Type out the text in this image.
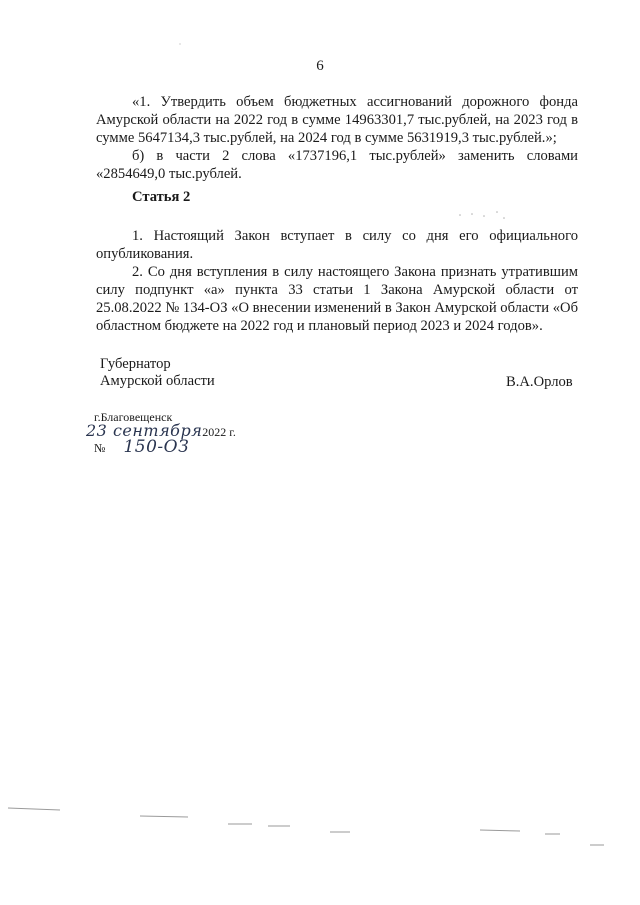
6

«1. Утвердить объем бюджетных ассигнований дорожного фонда Амурской области на 2022 год в сумме 14963301,7 тыс.рублей, на 2023 год в сумме 5647134,3 тыс.рублей, на 2024 год в сумме 5631919,3 тыс.рублей.»;

б) в части 2 слова «1737196,1 тыс.рублей» заменить словами «2854649,0 тыс.рублей.

Статья 2

1. Настоящий Закон вступает в силу со дня его официального опубликования.

2. Со дня вступления в силу настоящего Закона признать утратившим силу подпункт «а» пункта 33 статьи 1 Закона Амурской области от 25.08.2022 № 134-ОЗ «О внесении изменений в Закон Амурской области «Об областном бюджете на 2022 год и плановый период 2023 и 2024 годов».

Губернатор
Амурской области	В.А.Орлов
г.Благовещенск
23 сентября 2022 г.
№ 150-ОЗ
